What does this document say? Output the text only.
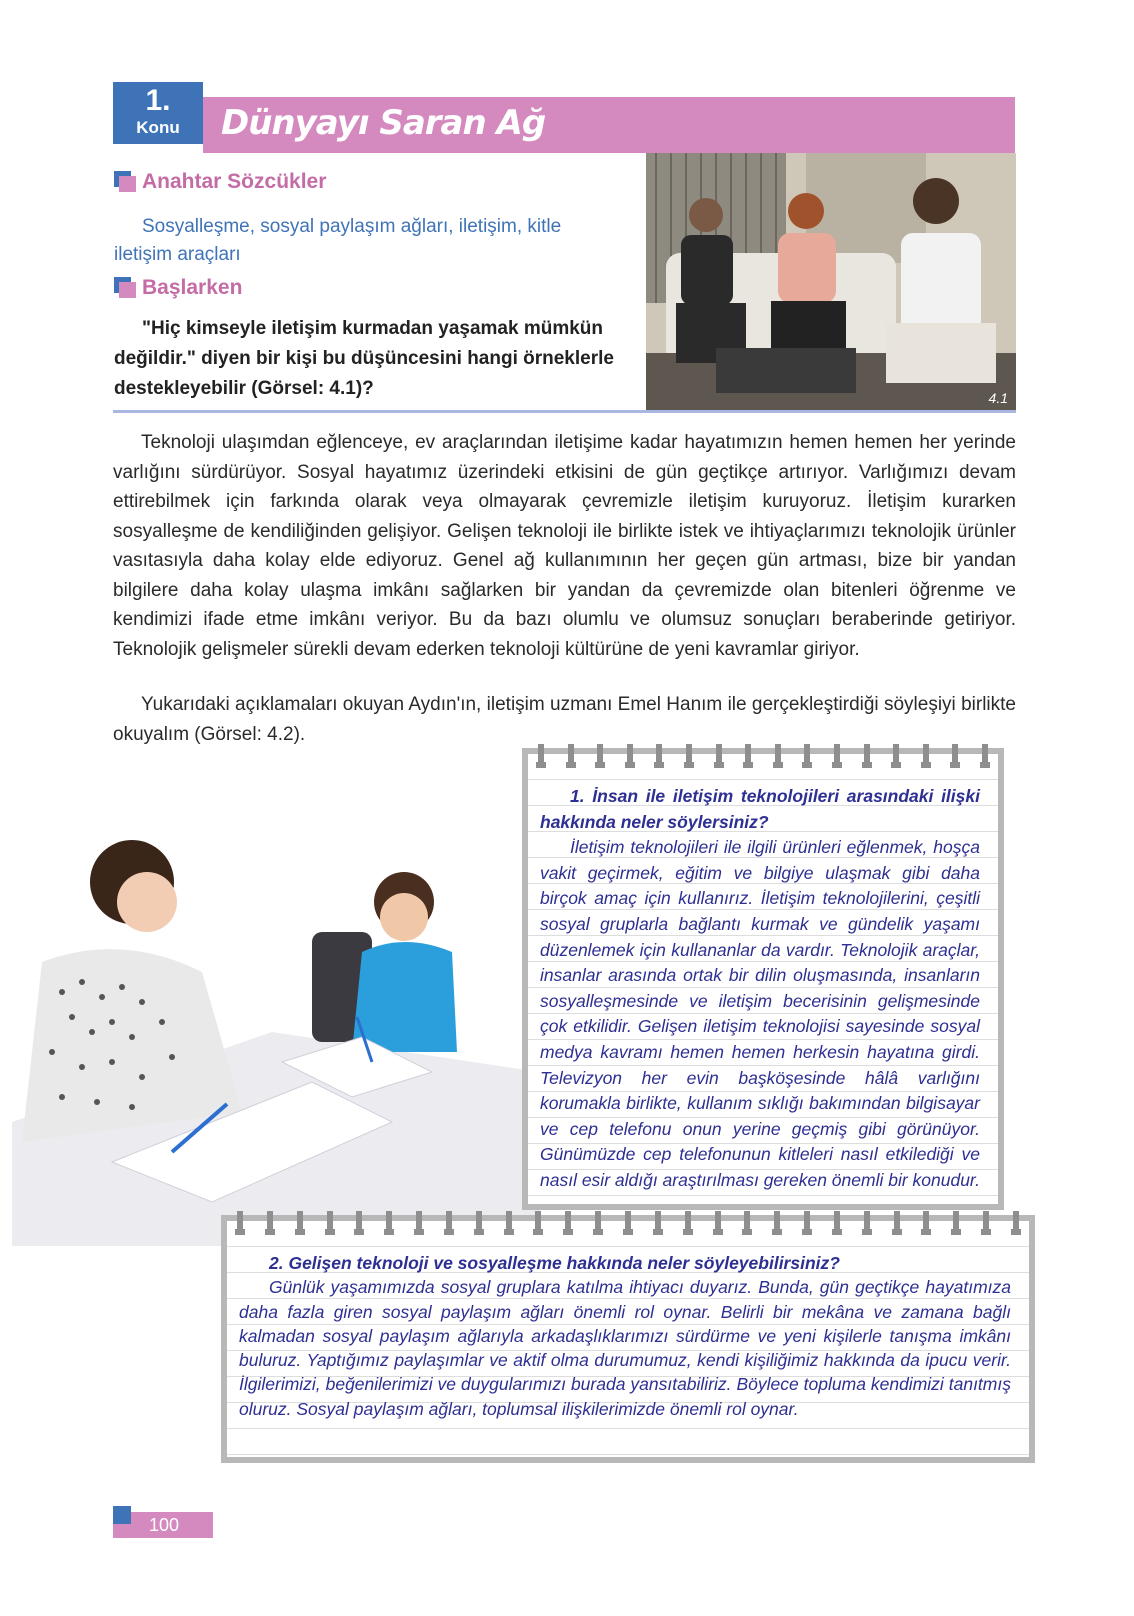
1.
Konu	Dünyayı Saran Ağ
Anahtar Sözcükler
Sosyalleşme, sosyal paylaşım ağları, iletişim, kitle iletişim araçları
Başlarken
"Hiç kimseyle iletişim kurmadan yaşamak mümkün değildir." diyen bir kişi bu düşüncesini hangi örneklerle destekleyebilir (Görsel: 4.1)?	4.1

Teknoloji ulaşımdan eğlenceye, ev araçlarından iletişime kadar hayatımızın hemen hemen her yerinde varlığını sürdürüyor. Sosyal hayatımız üzerindeki etkisini de gün geçtikçe artırıyor. Varlığımızı devam ettirebilmek için farkında olarak veya olmayarak çevremizle iletişim kuruyoruz. İletişim kurarken sosyalleşme de kendiliğinden gelişiyor. Gelişen teknoloji ile birlikte istek ve ihtiyaçlarımızı teknolojik ürünler vasıtasıyla daha kolay elde ediyoruz. Genel ağ kullanımının her geçen gün artması, bize bir yandan bilgilere daha kolay ulaşma imkânı sağlarken bir yandan da çevremizde olan bitenleri öğrenme ve kendimizi ifade etme imkânı veriyor. Bu da bazı olumlu ve olumsuz sonuçları beraberinde getiriyor. Teknolojik gelişmeler sürekli devam ederken teknoloji kültürüne de yeni kavramlar giriyor.

Yukarıdaki açıklamaları okuyan Aydın'ın, iletişim uzmanı Emel Hanım ile gerçekleştirdiği söyleşiyi birlikte okuyalım (Görsel: 4.2).

1. İnsan ile iletişim teknolojileri arasındaki ilişki hakkında neler söylersiniz?

İletişim teknolojileri ile ilgili ürünleri eğlenmek, hoşça vakit geçirmek, eğitim ve bilgiye ulaşmak gibi daha birçok amaç için kullanırız. İletişim teknolojilerini, çeşitli sosyal gruplarla bağlantı kurmak ve gündelik yaşamı düzenlemek için kullananlar da vardır. Teknolojik araçlar, insanlar arasında ortak bir dilin oluşmasında, insanların sosyalleşmesinde ve iletişim becerisinin gelişmesinde çok etkilidir. Gelişen iletişim teknolojisi sayesinde sosyal medya kavramı hemen hemen herkesin hayatına girdi. Televizyon her evin başköşesinde hâlâ varlığını korumakla birlikte, kullanım sıklığı bakımından bilgisayar ve cep telefonu onun yerine geçmiş gibi görünüyor. Günümüzde cep telefonunun kitleleri nasıl etkilediği ve nasıl esir aldığı araştırılması gereken önemli bir konudur.

2. Gelişen teknoloji ve sosyalleşme hakkında neler söyleyebilirsiniz?

Günlük yaşamımızda sosyal gruplara katılma ihtiyacı duyarız. Bunda, gün geçtikçe hayatımıza daha fazla giren sosyal paylaşım ağları önemli rol oynar. Belirli bir mekâna ve zamana bağlı kalmadan sosyal paylaşım ağlarıyla arkadaşlıklarımızı sürdürme ve yeni kişilerle tanışma imkânı buluruz. Yaptığımız paylaşımlar ve aktif olma durumumuz, kendi kişiliğimiz hakkında da ipucu verir. İlgilerimizi, beğenilerimizi ve duygularımızı burada yansıtabiliriz. Böylece topluma kendimizi tanıtmış oluruz. Sosyal paylaşım ağları, toplumsal ilişkilerimizde önemli rol oynar.

100
